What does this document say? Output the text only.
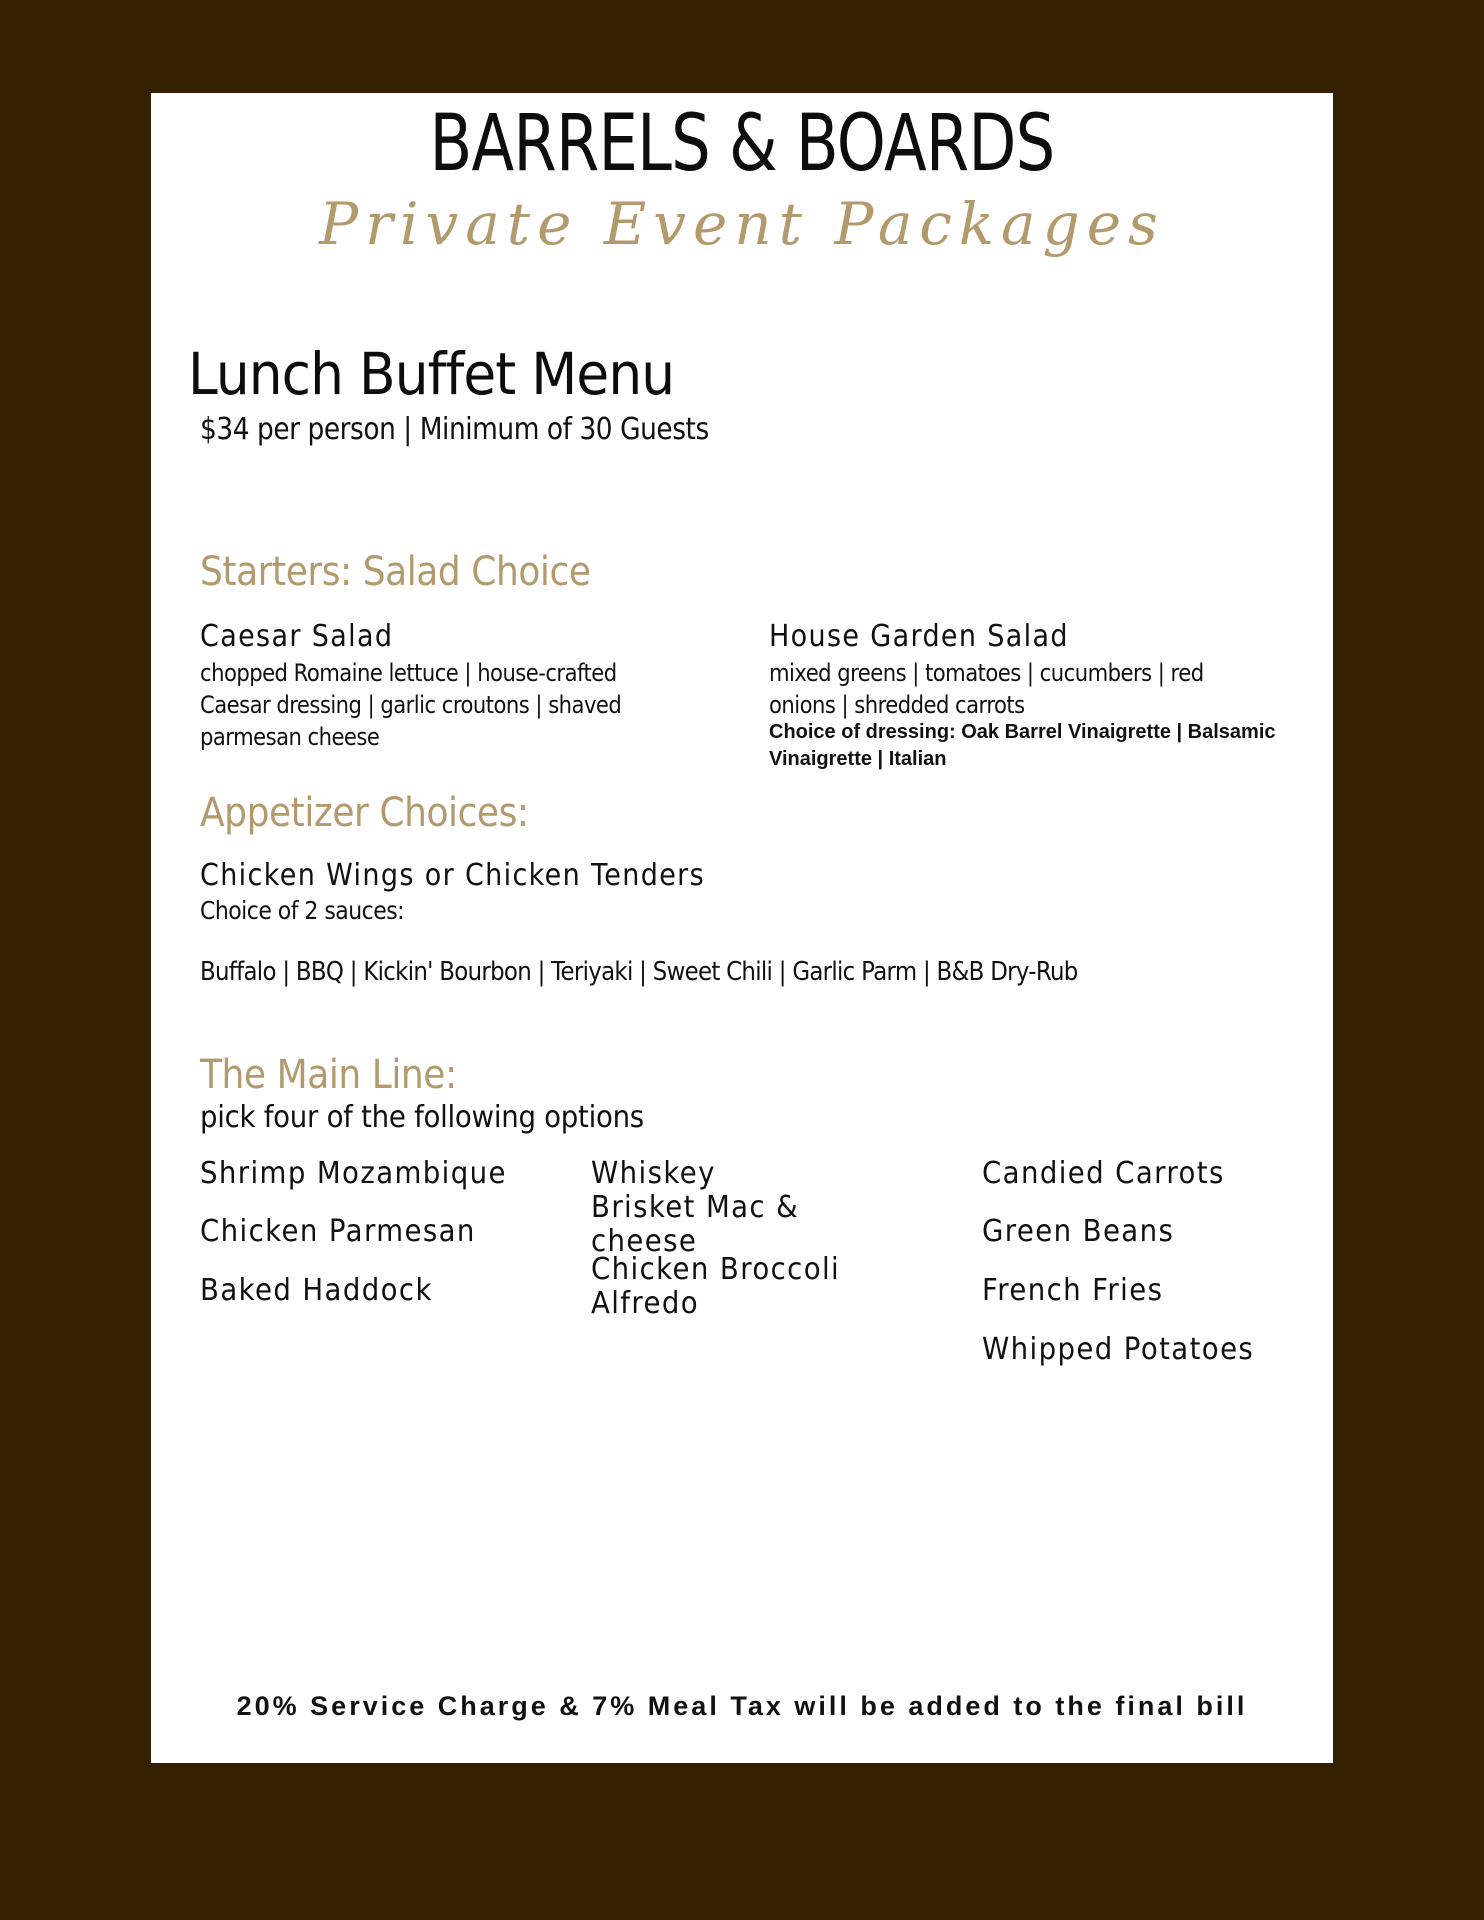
BARRELS & BOARDS
Private Event Packages
Lunch Buffet Menu
$34 per person | Minimum of 30 Guests
Starters: Salad Choice
Caesar Salad
chopped Romaine lettuce | house-crafted Caesar dressing | garlic croutons | shaved parmesan cheese
House Garden Salad
mixed greens | tomatoes | cucumbers | red onions | shredded carrots
Choice of dressing: Oak Barrel Vinaigrette | Balsamic Vinaigrette | Italian
Appetizer Choices:
Chicken Wings or Chicken Tenders
Choice of 2 sauces:
Buffalo | BBQ | Kickin' Bourbon | Teriyaki | Sweet Chili | Garlic Parm | B&B Dry-Rub
The Main Line:
pick four of the following options
Shrimp Mozambique
Chicken Parmesan
Baked Haddock
Whiskey Brisket Mac & cheese
Chicken Broccoli Alfredo
Candied Carrots
Green Beans
French Fries
Whipped Potatoes
20% Service Charge & 7% Meal Tax will be added to the final bill
